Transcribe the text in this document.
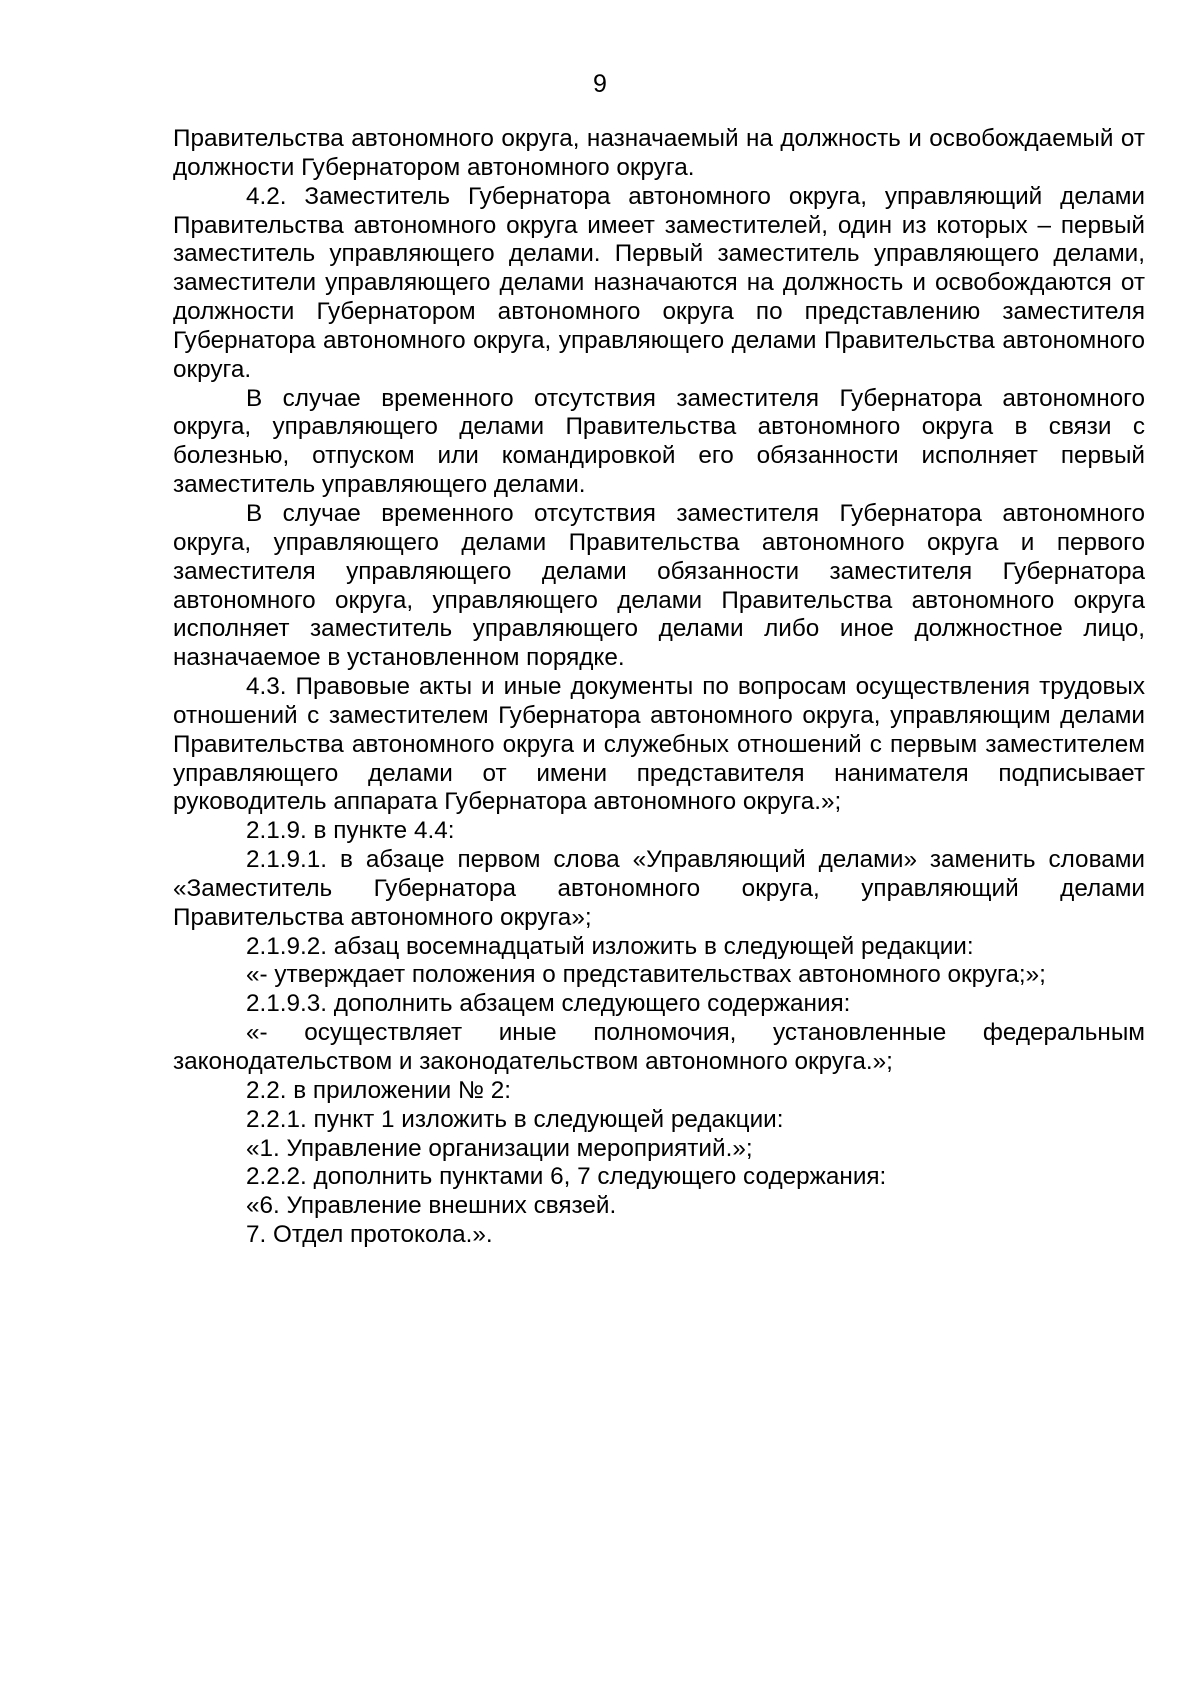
9

Правительства автономного округа, назначаемый на должность и освобождаемый от должности Губернатором автономного округа.

4.2. Заместитель Губернатора автономного округа, управляющий делами Правительства автономного округа имеет заместителей, один из которых – первый заместитель управляющего делами. Первый заместитель управляющего делами, заместители управляющего делами назначаются на должность и освобождаются от должности Губернатором автономного округа по представлению заместителя Губернатора автономного округа, управляющего делами Правительства автономного округа.

В случае временного отсутствия заместителя Губернатора автономного округа, управляющего делами Правительства автономного округа в связи с болезнью, отпуском или командировкой его обязанности исполняет первый заместитель управляющего делами.

В случае временного отсутствия заместителя Губернатора автономного округа, управляющего делами Правительства автономного округа и первого заместителя управляющего делами обязанности заместителя Губернатора автономного округа, управляющего делами Правительства автономного округа исполняет заместитель управляющего делами либо иное должностное лицо, назначаемое в установленном порядке.

4.3. Правовые акты и иные документы по вопросам осуществления трудовых отношений с заместителем Губернатора автономного округа, управляющим делами Правительства автономного округа и служебных отношений с первым заместителем управляющего делами от имени представителя нанимателя подписывает руководитель аппарата Губернатора автономного округа.»;

2.1.9. в пункте 4.4:

2.1.9.1. в абзаце первом слова «Управляющий делами» заменить словами «Заместитель Губернатора автономного округа, управляющий делами Правительства автономного округа»;

2.1.9.2. абзац восемнадцатый изложить в следующей редакции:

«- утверждает положения о представительствах автономного округа;»;

2.1.9.3. дополнить абзацем следующего содержания:

«- осуществляет иные полномочия, установленные федеральным законодательством и законодательством автономного округа.»;

2.2. в приложении № 2:

2.2.1. пункт 1 изложить в следующей редакции:

«1. Управление организации мероприятий.»;

2.2.2. дополнить пунктами 6, 7 следующего содержания:

«6. Управление внешних связей.

7. Отдел протокола.».
